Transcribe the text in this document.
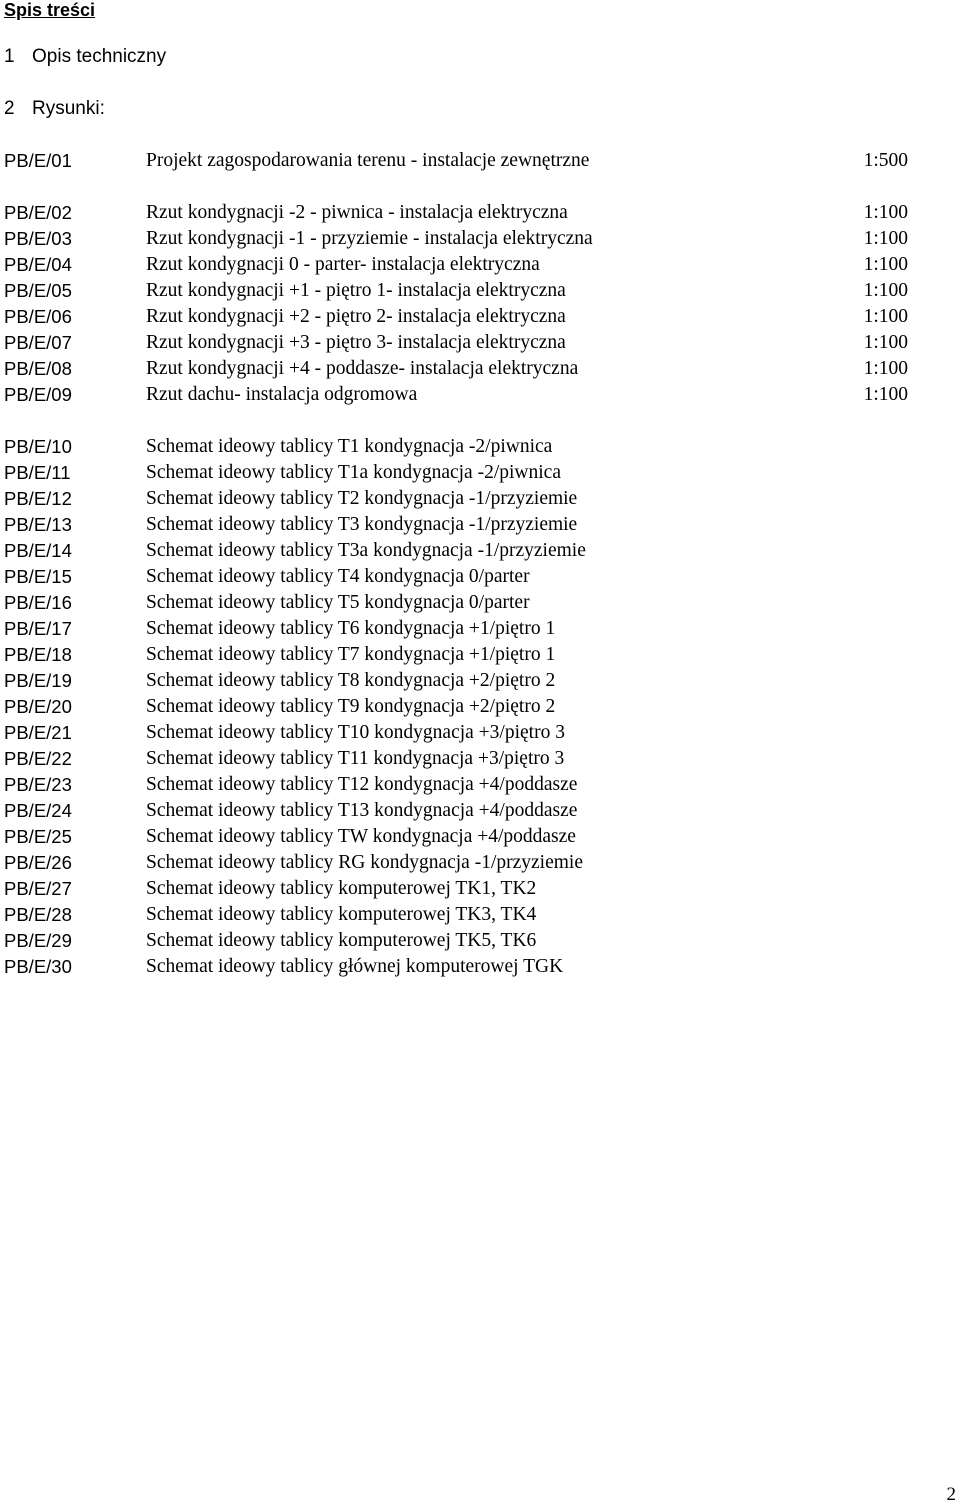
Spis treści
1 Opis techniczny
2 Rysunki:
PB/E/01	Projekt zagospodarowania terenu - instalacje zewnętrzne	1:500
PB/E/02	Rzut kondygnacji -2 - piwnica - instalacja elektryczna	1:100
PB/E/03	Rzut kondygnacji -1 - przyziemie - instalacja elektryczna	1:100
PB/E/04	Rzut kondygnacji 0 - parter- instalacja elektryczna	1:100
PB/E/05	Rzut kondygnacji +1 - piętro 1- instalacja elektryczna	1:100
PB/E/06	Rzut kondygnacji +2 - piętro 2- instalacja elektryczna	1:100
PB/E/07	Rzut kondygnacji +3 - piętro 3- instalacja elektryczna	1:100
PB/E/08	Rzut kondygnacji +4 - poddasze- instalacja elektryczna	1:100
PB/E/09	Rzut dachu- instalacja odgromowa	1:100
PB/E/10	Schemat ideowy tablicy T1 kondygnacja -2/piwnica
PB/E/11	Schemat ideowy tablicy T1a kondygnacja -2/piwnica
PB/E/12	Schemat ideowy tablicy T2 kondygnacja -1/przyziemie
PB/E/13	Schemat ideowy tablicy T3 kondygnacja -1/przyziemie
PB/E/14	Schemat ideowy tablicy T3a kondygnacja -1/przyziemie
PB/E/15	Schemat ideowy tablicy T4 kondygnacja 0/parter
PB/E/16	Schemat ideowy tablicy T5 kondygnacja 0/parter
PB/E/17	Schemat ideowy tablicy T6 kondygnacja +1/piętro 1
PB/E/18	Schemat ideowy tablicy T7 kondygnacja +1/piętro 1
PB/E/19	Schemat ideowy tablicy T8 kondygnacja +2/piętro 2
PB/E/20	Schemat ideowy tablicy T9 kondygnacja +2/piętro 2
PB/E/21	Schemat ideowy tablicy T10 kondygnacja +3/piętro 3
PB/E/22	Schemat ideowy tablicy T11 kondygnacja +3/piętro 3
PB/E/23	Schemat ideowy tablicy T12 kondygnacja +4/poddasze
PB/E/24	Schemat ideowy tablicy T13 kondygnacja +4/poddasze
PB/E/25	Schemat ideowy tablicy TW kondygnacja +4/poddasze
PB/E/26	Schemat ideowy tablicy RG kondygnacja -1/przyziemie
PB/E/27	Schemat ideowy tablicy komputerowej TK1, TK2
PB/E/28	Schemat ideowy tablicy komputerowej TK3, TK4
PB/E/29	Schemat ideowy tablicy komputerowej TK5, TK6
PB/E/30	Schemat ideowy tablicy głównej komputerowej TGK
2
